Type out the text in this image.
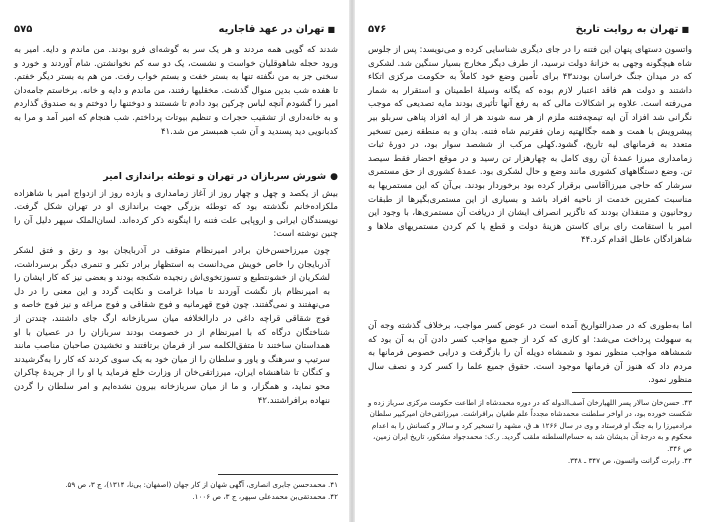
■تهران در عهد قاجاریه
۵۷۵

شدند که گویی همه مردند و هر یک سر به گوشه‌ای فرو بودند. من ماندم و دایه. امیر به ورود حجله شاهوقلیان خواست و نشست، یک دو سه کم نخوانشتن. شام آوردند و خورد و سخنی جز به من نگفته تنها به بستر خفت و بستم خواب رفت. من هم به بستر دیگر خفتم. تا هفده شب بدین منوال گذشت. مخقلیها رفتند، من ماندم و دایه و خانه. برخاستم جامه‌دان امیر را گشودم آنچه لباس چرکین بود دادم تا شستند و دوختنها را دوختم و به صندوق گذاردم و به خانه‌داری از تشقیب حجرات و تنظیم بیوتات پرداختم. شب هنجام که امیر آمد و مرا به کدبانویی دید پسندید و آن شب همبستر من شد.۴۱

●شورش سربازان در تهران و توطئه براندازی امیر

بیش از یکصد و چهل و چهار روز از آغاز زمامداری و یازده روز از ازدواج امیر با شاهزاده ملکزاده‌خانم نگذشته بود که توطئه بزرگی جهت براندازی او در تهران شکل گرفت. نویسندگان ایرانی و اروپایی علت فتنه را اینگونه ذکر کرده‌اند. لسان‌الملک سپهر دلیل آن را چنین نوشته است:

چون میرزاحسن‌خان برادر امیرنظام متوقف در آذربایجان بود و رتق و فتق لشکر آذربایجان را خاص خویش می‌دانست به استظهار برادر تکبر و تنمری دیگر برسرداشت، لشکریان از خشونتطبع و تسوزتخوی‌اش رنجیده شکنجه بودند و بعضی نیز که کار ایشان را به امیرنظام باز نگشت آوردند تا میادا غرامت و نکایت گردد و این معنی را در دل می‌نهفتند و نمی‌گفتند. چون فوج قهرمانیه و فوج شقاقی و فوج مراغه و نیز فوج خاصه و فوج شقاقی قراچه داغی در دارالخلافه میان سربازخانه ارگ جای داشتند، چندتن از شناختگان درگاه که با امیرنظام از در خصومت بودند سربازان را در عصیان با او همداستان ساختند تا متفق‌الکلمه سر از فرمان برتافتند و تخشیدن صاحبان مناصب مانند سرتیپ و سرهنگ و یاور و سلطان را از میان خود به یک سوی کردند که کار را به‌گرشیدند و کنگان تا شاهنشاه ایران، میرزاتقی‌خان از وزارت خلع فرماید یا او را از جریدهٔ چاکران محو نماید، و همگزار، و ما از میان سربازخانه بیرون نشده‌ایم و امر سلطان را گردن ننهاده برافراشتند.۴۲

۴۱. محمدحسن جابری انصاری، آگهی شهان از کار جهان (اصفهان: بی‌نا، ۱۳۱۴)، ج ۳، ص ۵۹.

۴۲. محمدتقی‌بن محمدعلی سپهر، ج ۳، ص ۱۰۰۶.

■تهران به روایت تاریخ
۵۷۶

واتسون دستهای پنهان این فتنه را در جای دیگری شناسایی کرده و می‌نویسد: پس از جلوس شاه هیچگونه وجهی به خزانهٔ دولت نرسید، از طرف دیگر مخارج بسیار سنگین شد. لشکری که در میدان جنگ خراسان بودند۴۳ برای تأمین وضع خود کاملاً به حکومت مرکزی اتکاء داشتند و دولت هم فاقد اعتبار لازم بوده که یگانه وسیلهٔ اطمینان و استقرار به شمار می‌رفته است. علاوه بر اشکالات مالی که به رفع آنها تأثیری بودند مایه تصدیعی که موجب نگرانی شد افزاد آن ایه تیمچه‌فتنه ملزم از هر سه شوند هر از ایه افزاد پناهی سربلو بیر پیشرویش با همت و همه جگالهتیه زمان فقرتیم شاه فتنه. بدان و به منطقه زمین تسخیر متعدد به فرمانهای لیه تاریخ، گشود.کهلی مرکب از ششصد سوار بود، در دورهٔ ثبات زمامداری میرزا عمدهٔ آن روی کامل به چهارهزار تن رسید و در موقع احضار فقط سیصد تن. وضع دستگاههای کشوری مانند وضع و حال لشکری بود. عمدهٔ کشوری از حق مستمری سرشار که حاجی میرزاآقاسی برقرار کرده بود برخوردار بودند. بی‌آن که این مستمریها به مناسبت کمترین خدمت از ناحیه افراد باشد و بسیاری از این مستمری‌بگیرها از طبقات روحانیون و متنفذان بودند که تاگزیر انصراف ایشان از دریافت آن مستمری‌ها، با وجود این امیر با استقامت رای برای کاستن هزینهٔ دولت و قطع یا کم کردن مستمریهای ملاها و شاهزادگان عاطل اقدام کرد.۴۴

اما به‌طوری که در صدرالتواریخ آمده است در عوض کسر مواجب، برخلاف گذشته وجه آن به سهولت پرداخت می‌شد: او کاری که کرد از جمیع مواجب کسر دادن آن به آن بود که شمشاهه مواجب منظور نمود و شمشاه دویله آن را بازگرفت و درایی خصوص فرمانها به مردم داد که هنوز آن فرمانها موجود است. حقوق جمیع علما را کسر کرد و نصف سال منظور نمود.

۴۳. حسن‌خان سالار پسر اللهیارخان آصف‌الدوله که در دوره محمدشاه از اطاعت حکومت مرکزی سرباز زده و شکست خورده بود، در اواخر سلطنت محمدشاه مجدداً علم طغیان برافراشت. میرزاتقی‌خان امیرکبیر سلطان مرادمیرزا را به جنگ او فرستاد و وی در سال ۱۲۶۶ هـ ق، مشهد را تسخیر کرد و سالار و کسانش را به اعدام محکوم و به درجهٔ آن بدیشان شد به حسام‌السلطنه ملقب گردید. ر.ک: محمدجواد مشکور، تاریخ ایران زمین، ص ۳۴۶.

۴۴. رابرت گرانت واتسون، ص ۳۴۷ ـ ۳۴۸.
